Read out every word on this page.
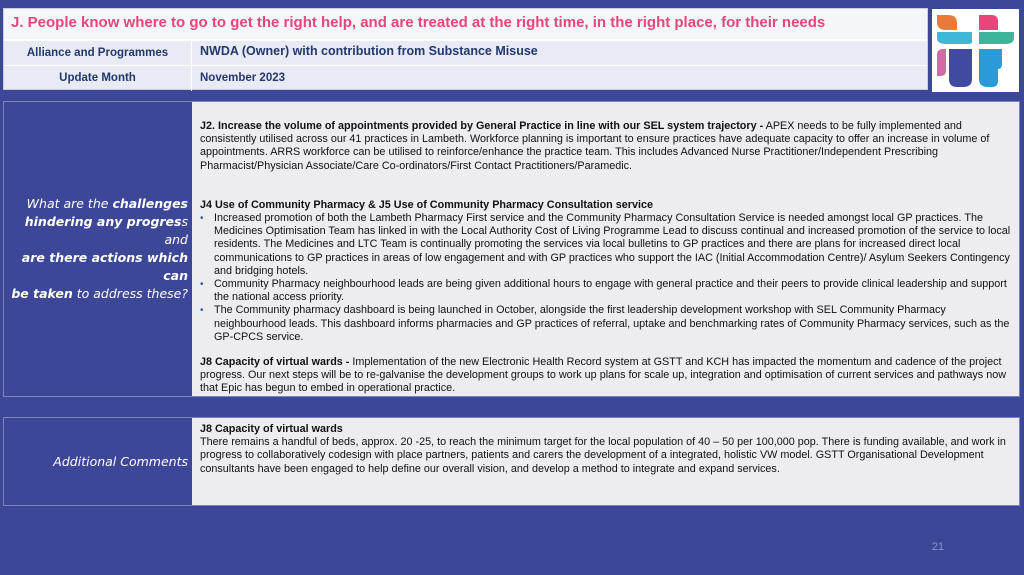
J. People know where to go to get the right help, and are treated at the right time, in the right place, for their needs
Alliance and Programmes	NWDA (Owner) with contribution from Substance Misuse
Update Month	November 2023
What are the challenges
hindering any progress and
are there actions which can
be taken to address these?

J2. Increase the volume of appointments provided by General Practice in line with our SEL system trajectory - APEX needs to be fully implemented and consistently utilised across our 41 practices in Lambeth. Workforce planning is important to ensure practices have adequate capacity to offer an increase in volume of appointments. ARRS workforce can be utilised to reinforce/enhance the practice team. This includes Advanced Nurse Practitioner/Independent Prescribing Pharmacist/Physician Associate/Care Co-ordinators/First Contact Practitioners/Paramedic.

J4 Use of Community Pharmacy & J5 Use of Community Pharmacy Consultation service

• Increased promotion of both the Lambeth Pharmacy First service and the Community Pharmacy Consultation Service is needed amongst local GP practices. The Medicines Optimisation Team has linked in with the Local Authority Cost of Living Programme Lead to discuss continual and increased promotion of the service to local residents. The Medicines and LTC Team is continually promoting the services via local bulletins to GP practices and there are plans for increased direct local communications to GP practices in areas of low engagement and with GP practices who support the IAC (Initial Accommodation Centre)/ Asylum Seekers Contingency and bridging hotels.
• Community Pharmacy neighbourhood leads are being given additional hours to engage with general practice and their peers to provide clinical leadership and support the national access priority.
• The Community pharmacy dashboard is being launched in October, alongside the first leadership development workshop with SEL Community Pharmacy neighbourhood leads. This dashboard informs pharmacies and GP practices of referral, uptake and benchmarking rates of Community Pharmacy services, such as the GP-CPCS service.

J8 Capacity of virtual wards - Implementation of the new Electronic Health Record system at GSTT and KCH has impacted the momentum and cadence of the project progress. Our next steps will be to re-galvanise the development groups to work up plans for scale up, integration and optimisation of current services and pathways now that Epic has begun to embed in operational practice.

Additional Comments

J8 Capacity of virtual wards

There remains a handful of beds, approx. 20 -25, to reach the minimum target for the local population of 40 – 50 per 100,000 pop. There is funding available, and work in progress to collaboratively codesign with place partners, patients and carers the development of a integrated, holistic VW model. GSTT Organisational Development consultants have been engaged to help define our overall vision, and develop a method to integrate and expand services.

21
